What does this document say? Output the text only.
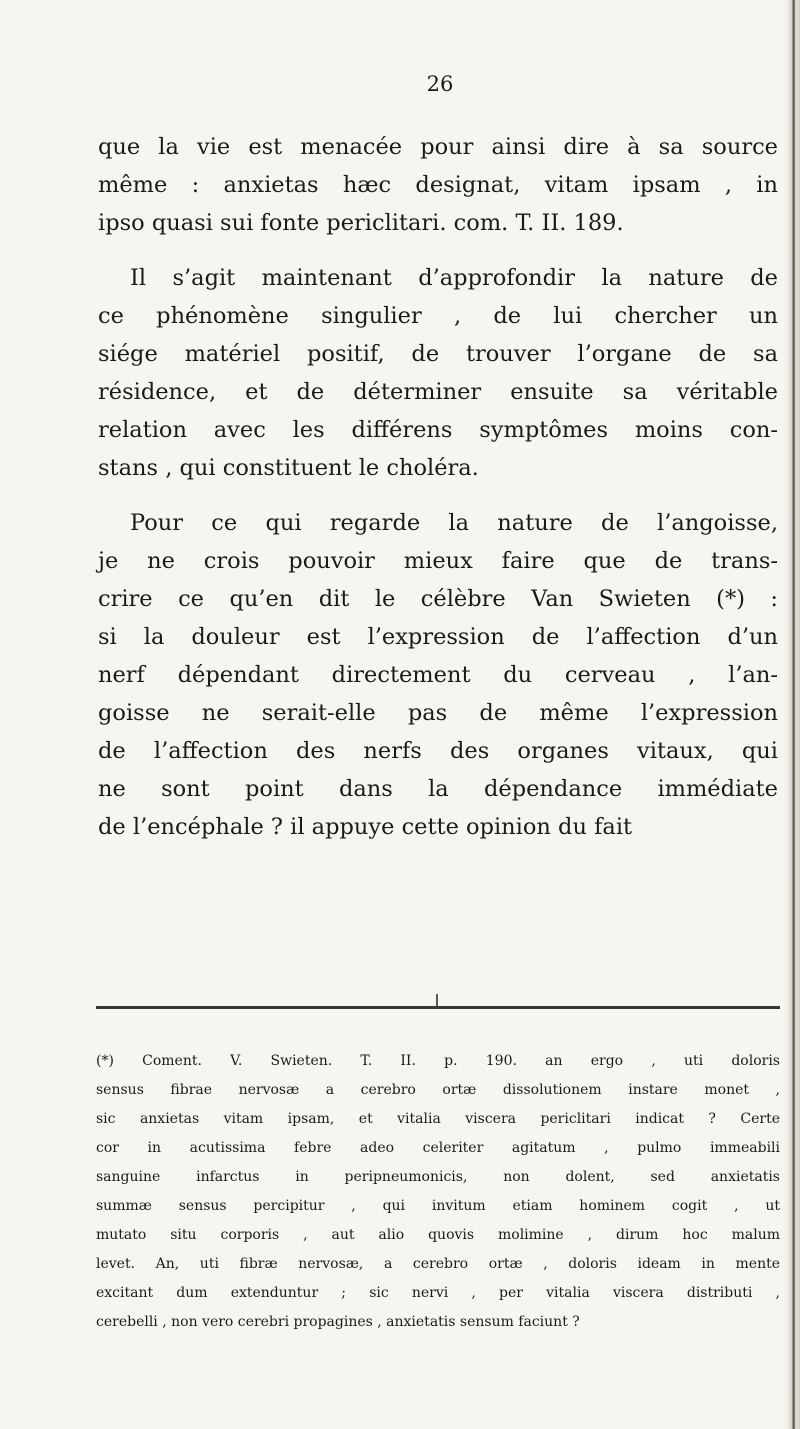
26
que la vie est menacée pour ainsi dire à sa source
même : anxietas hæc designat, vitam ipsam , in
ipso quasi sui fonte periclitari. com. T. II. 189.
Il s’agit maintenant d’approfondir la nature de
ce phénomène singulier , de lui chercher un
siége matériel positif, de trouver l’organe de sa
résidence, et de déterminer ensuite sa véritable
relation avec les différens symptômes moins con-
stans , qui constituent le choléra.
Pour ce qui regarde la nature de l’angoisse,
je ne crois pouvoir mieux faire que de trans-
crire ce qu’en dit le célèbre Van Swieten (*) :
si la douleur est l’expression de l’affection d’un
nerf dépendant directement du cerveau , l’an-
goisse ne serait-elle pas de même l’expression
de l’affection des nerfs des organes vitaux, qui
ne sont point dans la dépendance immédiate
de l’encéphale ? il appuye cette opinion du fait
(*) Coment. V. Swieten. T. II. p. 190. an ergo , uti doloris
sensus fibrae nervosæ a cerebro ortæ dissolutionem instare monet ,
sic anxietas vitam ipsam, et vitalia viscera periclitari indicat ? Certe
cor in acutissima febre adeo celeriter agitatum , pulmo immeabili
sanguine infarctus in peripneumonicis, non dolent, sed anxietatis
summæ sensus percipitur , qui invitum etiam hominem cogit , ut
mutato situ corporis , aut alio quovis molimine , dirum hoc malum
levet. An, uti fibræ nervosæ, a cerebro ortæ , doloris ideam in mente
excitant dum extenduntur ; sic nervi , per vitalia viscera distributi ,
cerebelli , non vero cerebri propagines , anxietatis sensum faciunt ?
